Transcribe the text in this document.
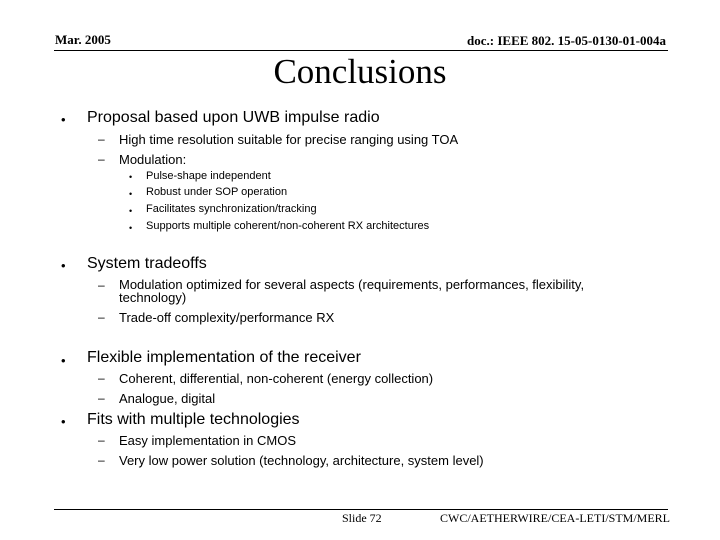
Mar. 2005	doc.: IEEE 802. 15-05-0130-01-004a
Conclusions
• Proposal based upon UWB impulse radio
– High time resolution suitable for precise ranging using TOA
– Modulation:
• Pulse-shape independent
• Robust under SOP operation
• Facilitates synchronization/tracking
• Supports multiple coherent/non-coherent RX architectures
• System tradeoffs
– Modulation optimized for several aspects (requirements, performances, flexibility,
technology)
– Trade-off complexity/performance RX
• Flexible implementation of the receiver
– Coherent, differential, non-coherent (energy collection)
– Analogue, digital
• Fits with multiple technologies
– Easy implementation in CMOS
– Very low power solution (technology, architecture, system level)
Slide 72	CWC/AETHERWIRE/CEA-LETI/STM/MERL
